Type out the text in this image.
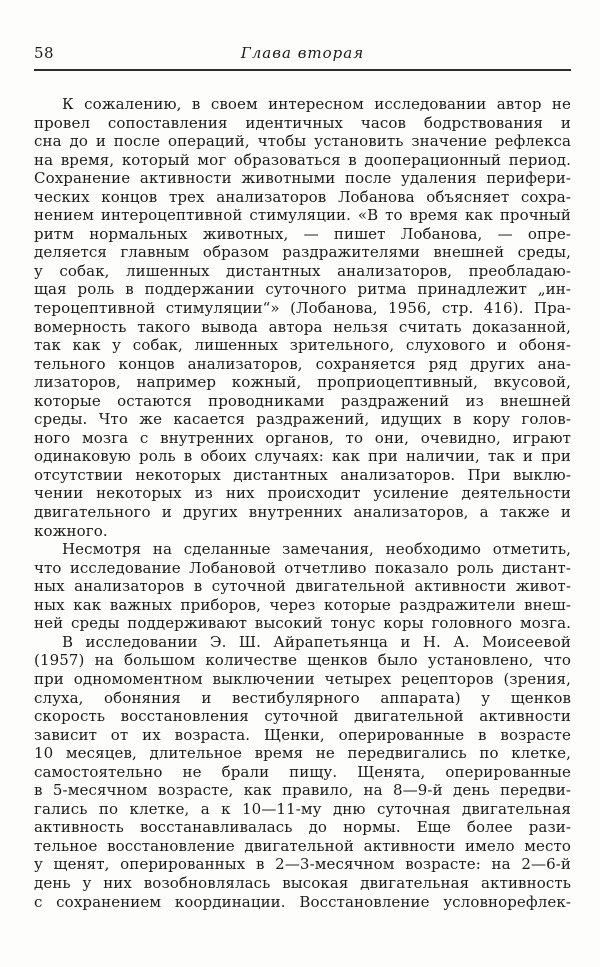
58	Глава вторая
К сожалению, в своем интересном исследовании автор не
провел сопоставления идентичных часов бодрствования и
сна до и после операций, чтобы установить значение рефлекса
на время, который мог образоваться в дооперационный период.
Сохранение активности животными после удаления перифери-
ческих концов трех анализаторов Лобанова объясняет сохра-
нением интероцептивной стимуляции. «В то время как прочный
ритм нормальных животных, — пишет Лобанова, — опре-
деляется главным образом раздражителями внешней среды,
у собак, лишенных дистантных анализаторов, преобладаю-
щая роль в поддержании суточного ритма принадлежит „ин-
тероцептивной стимуляции“» (Лобанова, 1956, стр. 416). Пра-
вомерность такого вывода автора нельзя считать доказанной,
так как у собак, лишенных зрительного, слухового и обоня-
тельного концов анализаторов, сохраняется ряд других ана-
лизаторов, например кожный, проприоцептивный, вкусовой,
которые остаются проводниками раздражений из внешней
среды. Что же касается раздражений, идущих в кору голов-
ного мозга с внутренних органов, то они, очевидно, играют
одинаковую роль в обоих случаях: как при наличии, так и при
отсутствии некоторых дистантных анализаторов. При выклю-
чении некоторых из них происходит усиление деятельности
двигательного и других внутренних анализаторов, а также и
кожного.
Несмотря на сделанные замечания, необходимо отметить,
что исследование Лобановой отчетливо показало роль дистант-
ных анализаторов в суточной двигательной активности живот-
ных как важных приборов, через которые раздражители внеш-
ней среды поддерживают высокий тонус коры головного мозга.
В исследовании Э. Ш. Айрапетьянца и Н. А. Моисеевой
(1957) на большом количестве щенков было установлено, что
при одномоментном выключении четырех рецепторов (зрения,
слуха, обоняния и вестибулярного аппарата) у щенков
скорость восстановления суточной двигательной активности
зависит от их возраста. Щенки, оперированные в возрасте
10 месяцев, длительное время не передвигались по клетке,
самостоятельно не брали пищу. Щенята, оперированные
в 5-месячном возрасте, как правило, на 8—9-й день передви-
гались по клетке, а к 10—11-му дню суточная двигательная
активность восстанавливалась до нормы. Еще более рази-
тельное восстановление двигательной активности имело место
у щенят, оперированных в 2—3-месячном возрасте: на 2—6-й
день у них возобновлялась высокая двигательная активность
с сохранением координации. Восстановление условнорефлек-
